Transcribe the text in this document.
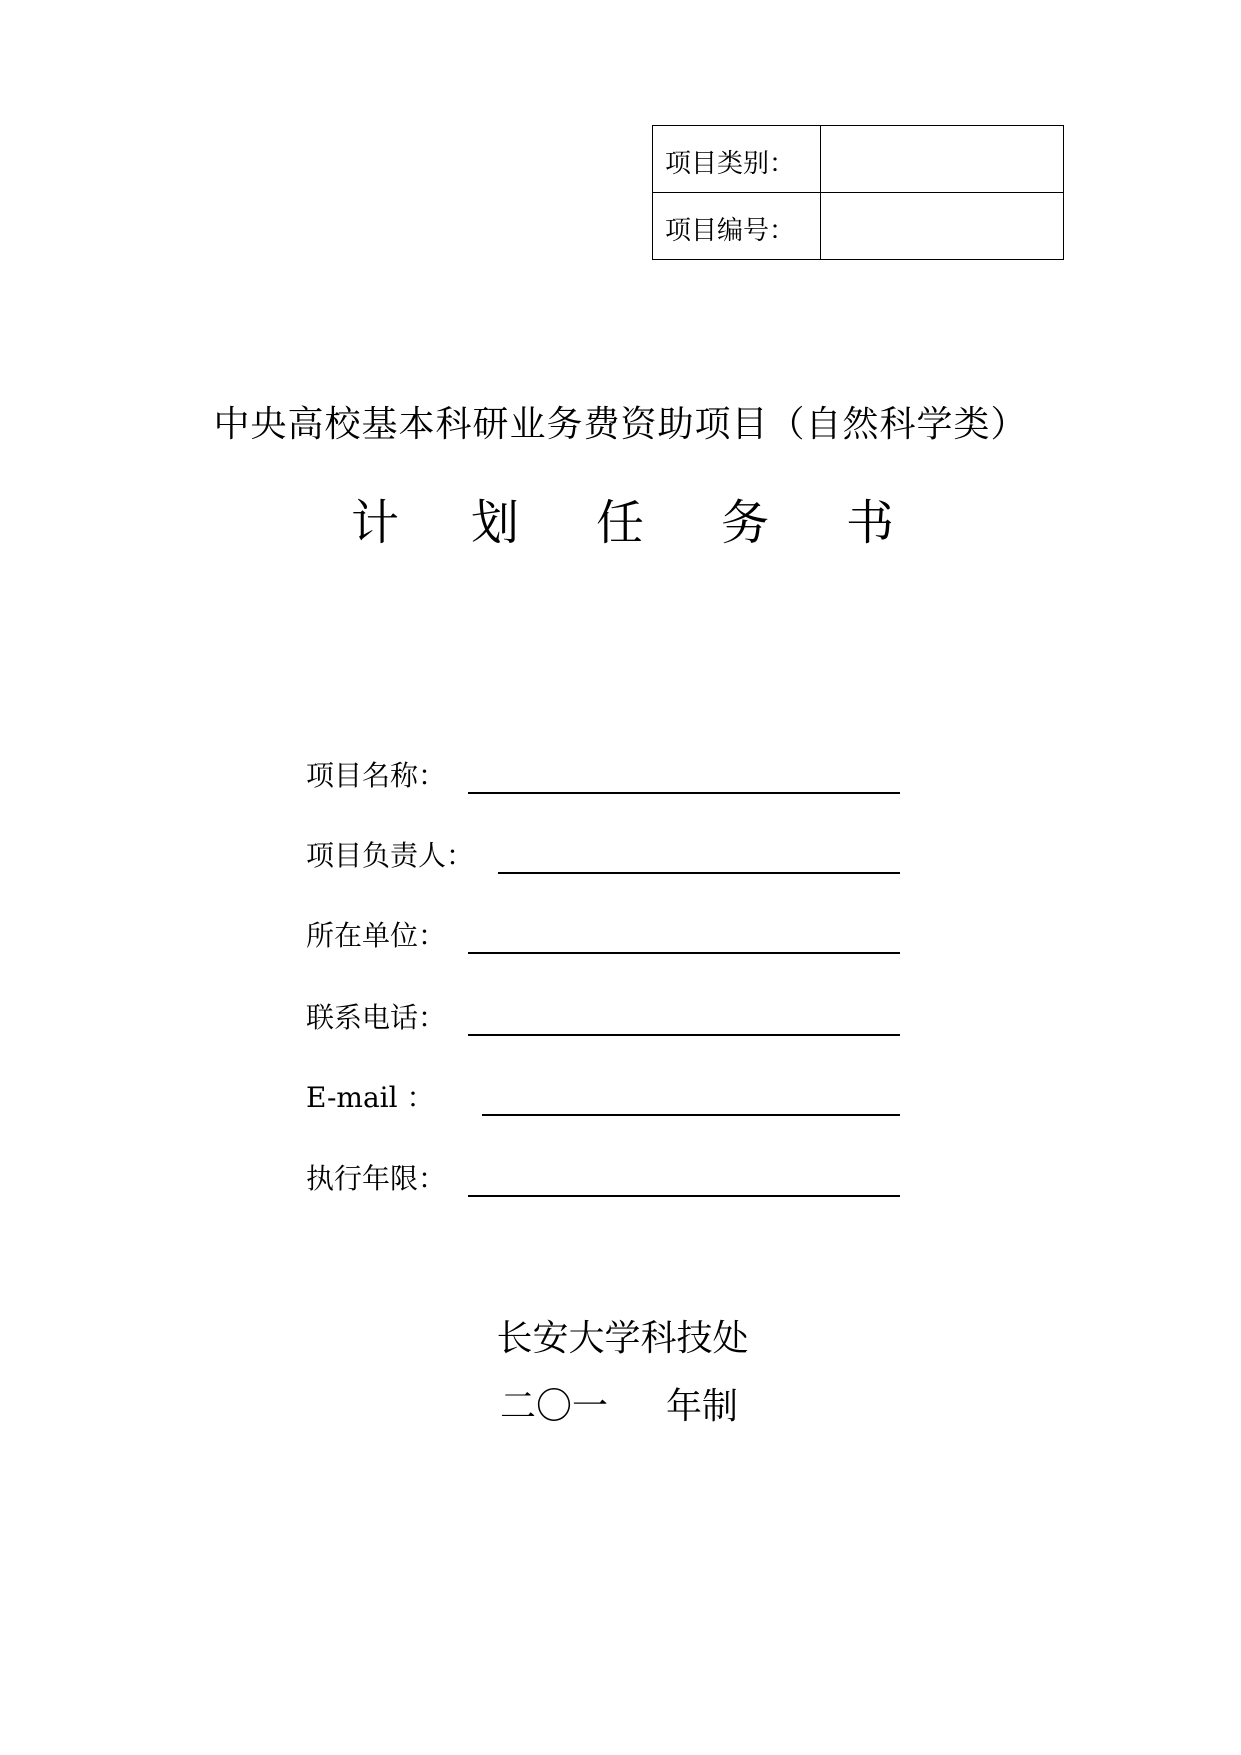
项目类别：	
项目编号：	
中央高校基本科研业务费资助项目（自然科学类）
计 划 任 务 书
项目名称：
项目负责人：
所在单位：
联系电话：
E-mail ：
执行年限：
长安大学科技处
二〇一 年制
